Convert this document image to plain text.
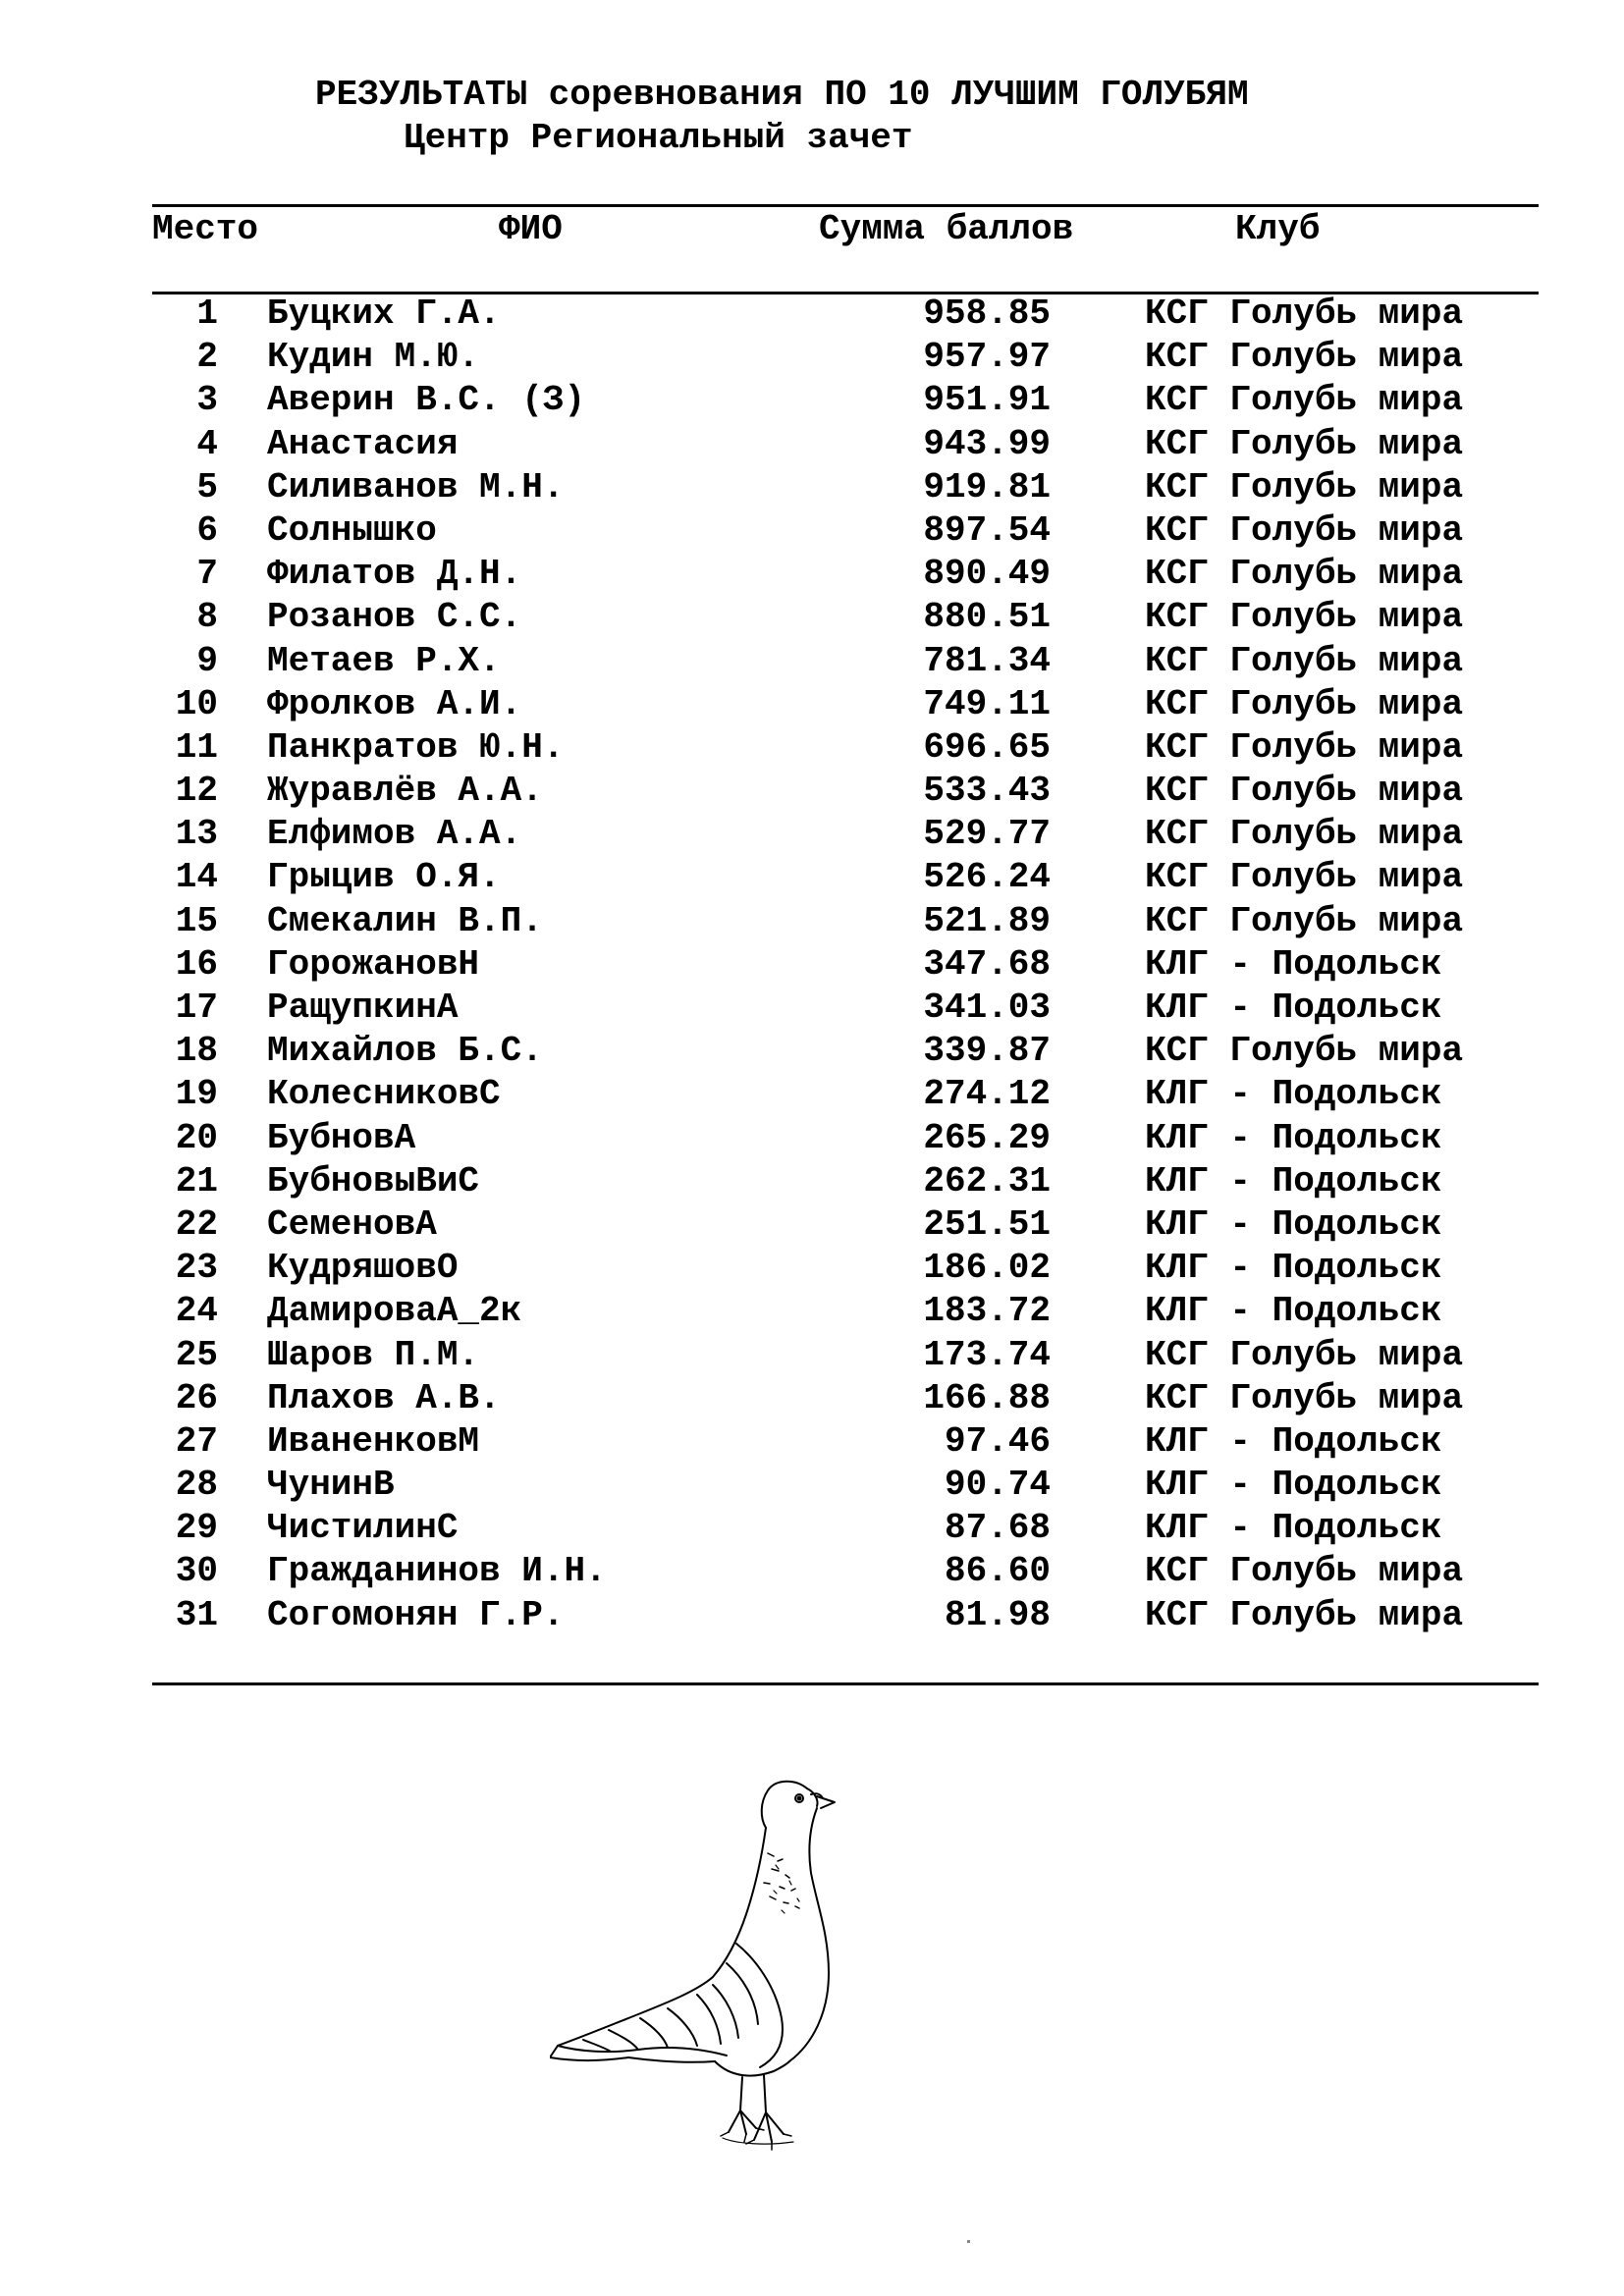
РЕЗУЛЬТАТЫ соревнования ПО 10 ЛУЧШИМ ГОЛУБЯМ
Центр Региональный зачет
Место	ФИО	Сумма баллов	Клуб
1 Буцких Г.А.	958.85	КСГ Голубь мира
2 Кудин М.Ю.	957.97	КСГ Голубь мира
3 Аверин В.С. (З)	951.91	КСГ Голубь мира
4 Анастасия	943.99	КСГ Голубь мира
5 Силиванов М.Н.	919.81	КСГ Голубь мира
6 Солнышко	897.54	КСГ Голубь мира
7 Филатов Д.Н.	890.49	КСГ Голубь мира
8 Розанов С.С.	880.51	КСГ Голубь мира
9 Метаев Р.Х.	781.34	КСГ Голубь мира
10 Фролков А.И.	749.11	КСГ Голубь мира
11 Панкратов Ю.Н.	696.65	КСГ Голубь мира
12 Журавлёв А.А.	533.43	КСГ Голубь мира
13 Елфимов А.А.	529.77	КСГ Голубь мира
14 Грыцив О.Я.	526.24	КСГ Голубь мира
15 Смекалин В.П.	521.89	КСГ Голубь мира
16 ГорожановН	347.68	КЛГ - Подольск
17 РащупкинА	341.03	КЛГ - Подольск
18 Михайлов Б.С.	339.87	КСГ Голубь мира
19 КолесниковС	274.12	КЛГ - Подольск
20 БубновА	265.29	КЛГ - Подольск
21 БубновыВиС	262.31	КЛГ - Подольск
22 СеменовА	251.51	КЛГ - Подольск
23 КудряшовО	186.02	КЛГ - Подольск
24 ДамироваА_2к	183.72	КЛГ - Подольск
25 Шаров П.М.	173.74	КСГ Голубь мира
26 Плахов А.В.	166.88	КСГ Голубь мира
27 ИваненковМ	97.46	КЛГ - Подольск
28 ЧунинВ	90.74	КЛГ - Подольск
29 ЧистилинС	87.68	КЛГ - Подольск
30 Гражданинов И.Н.	86.60	КСГ Голубь мира
31 Согомонян Г.Р.	81.98	КСГ Голубь мира
